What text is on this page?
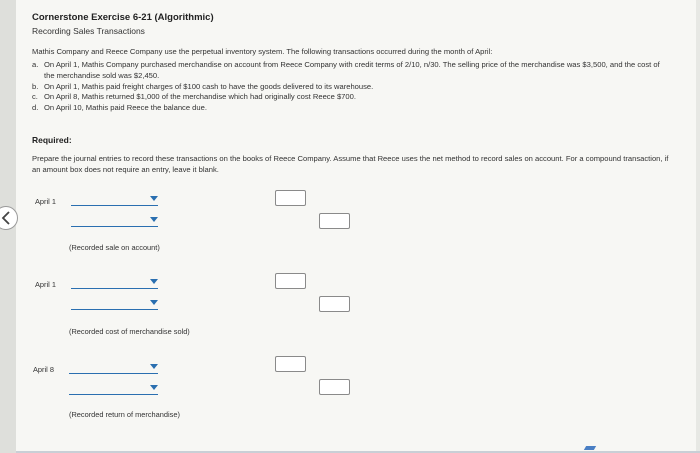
Cornerstone Exercise 6-21 (Algorithmic)
Recording Sales Transactions
Mathis Company and Reece Company use the perpetual inventory system. The following transactions occurred during the month of April:
a. On April 1, Mathis Company purchased merchandise on account from Reece Company with credit terms of 2/10, n/30. The selling price of the merchandise was $3,500, and the cost of the merchandise sold was $2,450.
b. On April 1, Mathis paid freight charges of $100 cash to have the goods delivered to its warehouse.
c. On April 8, Mathis returned $1,000 of the merchandise which had originally cost Reece $700.
d. On April 10, Mathis paid Reece the balance due.
Required:
Prepare the journal entries to record these transactions on the books of Reece Company. Assume that Reece uses the net method to record sales on account. For a compound transaction, if an amount box does not require an entry, leave it blank.
April 1
(Recorded sale on account)
April 1
(Recorded cost of merchandise sold)
April 8
(Recorded return of merchandise)
